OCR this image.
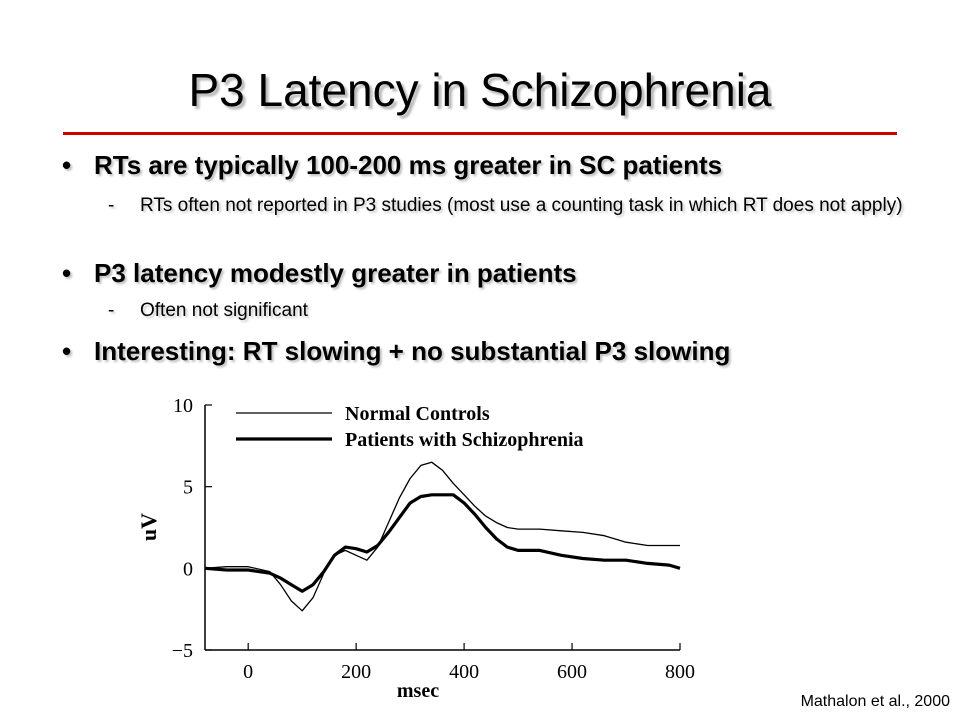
P3 Latency in Schizophrenia
• RTs are typically 100-200 ms greater in SC patients
- RTs often not reported in P3 studies (most use a counting task in which RT does not apply)
• P3 latency modestly greater in patients
- Often not significant
• Interesting: RT slowing + no substantial P3 slowing
−5
0
5
10
0	200	400	600	800
Normal Controls
Patients with Schizophrenia
msec
uV
Mathalon et al., 2000
